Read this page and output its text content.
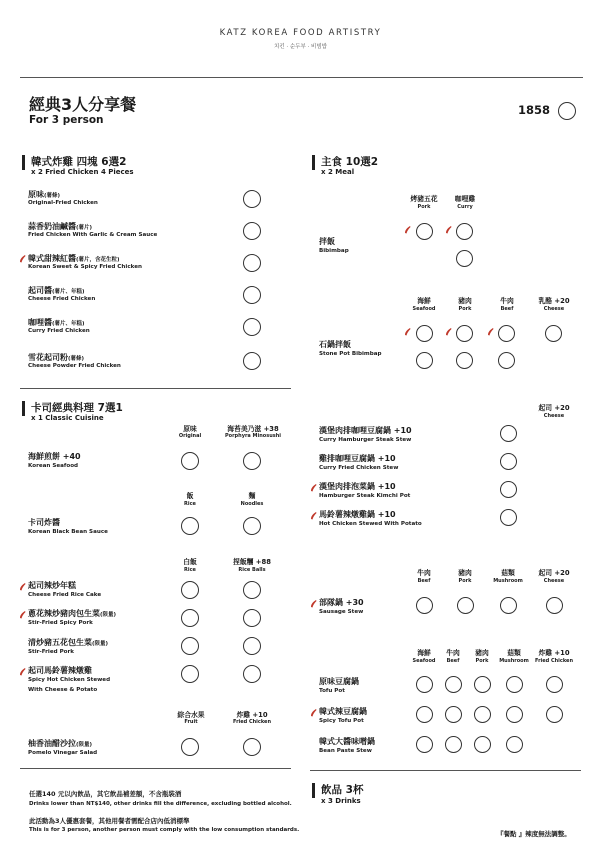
KATZ KOREA FOOD ARTISTRY
치킨 · 순두부 · 비빔밥
經典3人分享餐
For 3 person
1858
韓式炸雞 四塊 6選2
x 2 Fried Chicken 4 Pieces
原味(薯條)
Original-Fried Chicken
蒜香奶油鹹醬(薯片)
Fried Chicken With Garlic & Cream Sauce
韓式甜辣紅醬(薯片，含花生粒)
Korean Sweet & Spicy Fried Chicken
起司醬(薯片、年糕)
Cheese Fried Chicken
咖哩醬(薯片、年糕)
Curry Fried Chicken
雪花起司粉(薯條)
Cheese Powder Fried Chicken
主食 10選2
x 2 Meal
烤豬五花
Pork
咖哩雞
Curry
拌飯
Bibimbap
海鮮
Seafood
豬肉
Pork
牛肉
Beef
乳酪 +20
Cheese
石鍋拌飯
Stone Pot Bibimbap
卡司經典料理 7選1
x 1 Classic Cuisine
原味
Original
海苔美乃滋 +38
Porphyra Minosushi
海鮮煎餅 +40
Korean Seafood
飯
Rice
麵
Noodles
卡司炸醬
Korean Black Bean Sauce
白飯
Rice
捏飯糰 +88
Rice Balls
起司辣炒年糕
Cheese Fried Rice Cake
蔥花辣炒豬肉包生菜(限量)
Stir-Fried Spicy Pork
清炒豬五花包生菜(限量)
Stir-Fried Pork
起司馬鈴薯辣燉雞
Spicy Hot Chicken Stewed
With Cheese & Potato
綜合水果
Fruit
炸雞 +10
Fried Chicken
柚香油醋沙拉(限量)
Pomelo Vinegar Salad
起司 +20
Cheese
漢堡肉排咖哩豆腐鍋 +10
Curry Hamburger Steak Stew
雞排咖哩豆腐鍋 +10
Curry Fried Chicken Stew
漢堡肉排泡菜鍋 +10
Hamburger Steak Kimchi Pot
馬鈴薯辣燉雞鍋 +10
Hot Chicken Stewed With Potato
牛肉
Beef
豬肉
Pork
菇類
Mushroom
起司 +20
Cheese
部隊鍋 +30
Sausage Stew
海鮮
Seafood
牛肉
Beef
豬肉
Pork
菇類
Mushroom
炸雞 +10
Fried Chicken
原味豆腐鍋
Tofu Pot
韓式辣豆腐鍋
Spicy Tofu Pot
韓式大醬味噌鍋
Bean Paste Stew
任選140 元以內飲品，其它飲品補差額，不含瓶裝酒
Drinks lower than NT$140, other drinks fill the difference, excluding bottled alcohol.
此活動為3人優惠套餐，其他用餐者需配合店內低消標準
This is for 3 person, another person must comply with the low consumption standards.
飲品 3杯
x 3 Drinks
『餐點 』辣度無法調整。
